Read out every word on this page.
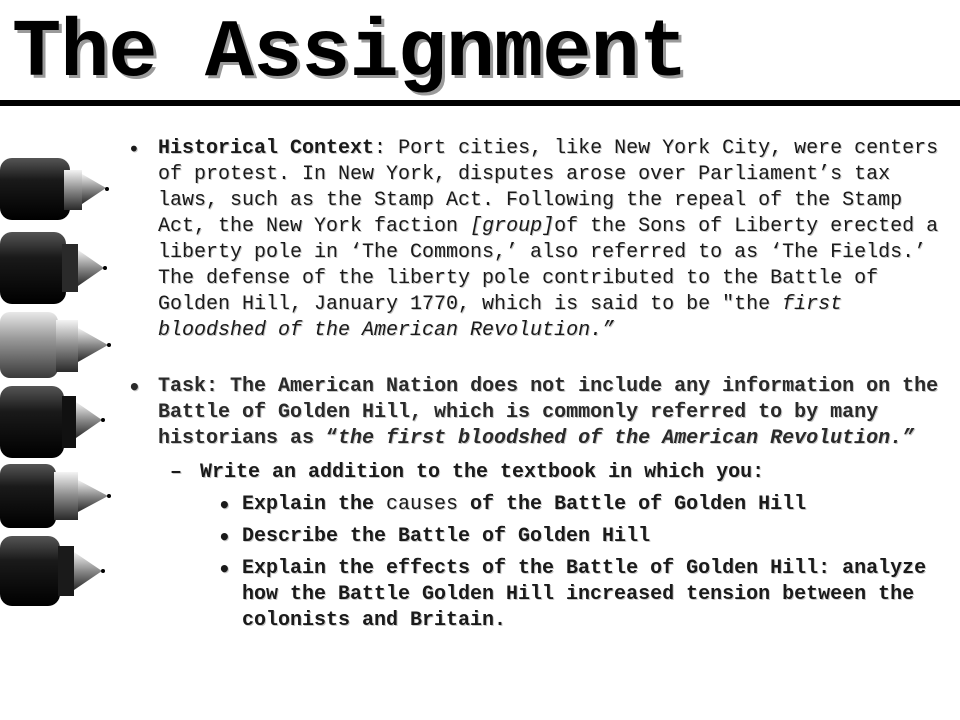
The Assignment
• Historical Context: Port cities, like New York City, were centers of protest. In New York, disputes arose over Parliament’s tax laws, such as the Stamp Act. Following the repeal of the Stamp Act, the New York faction [group]of the Sons of Liberty erected a liberty pole in ‘The Commons,’ also referred to as ‘The Fields.’ The defense of the liberty pole contributed to the Battle of Golden Hill, January 1770, which is said to be "the first bloodshed of the American Revolution.”
• Task: The American Nation does not include any information on the Battle of Golden Hill, which is commonly referred to by many historians as “the first bloodshed of the American Revolution.”
– Write an addition to the textbook in which you:
• Explain the causes of the Battle of Golden Hill
• Describe the Battle of Golden Hill
• Explain the effects of the Battle of Golden Hill: analyze how the Battle Golden Hill increased tension between the colonists and Britain.
